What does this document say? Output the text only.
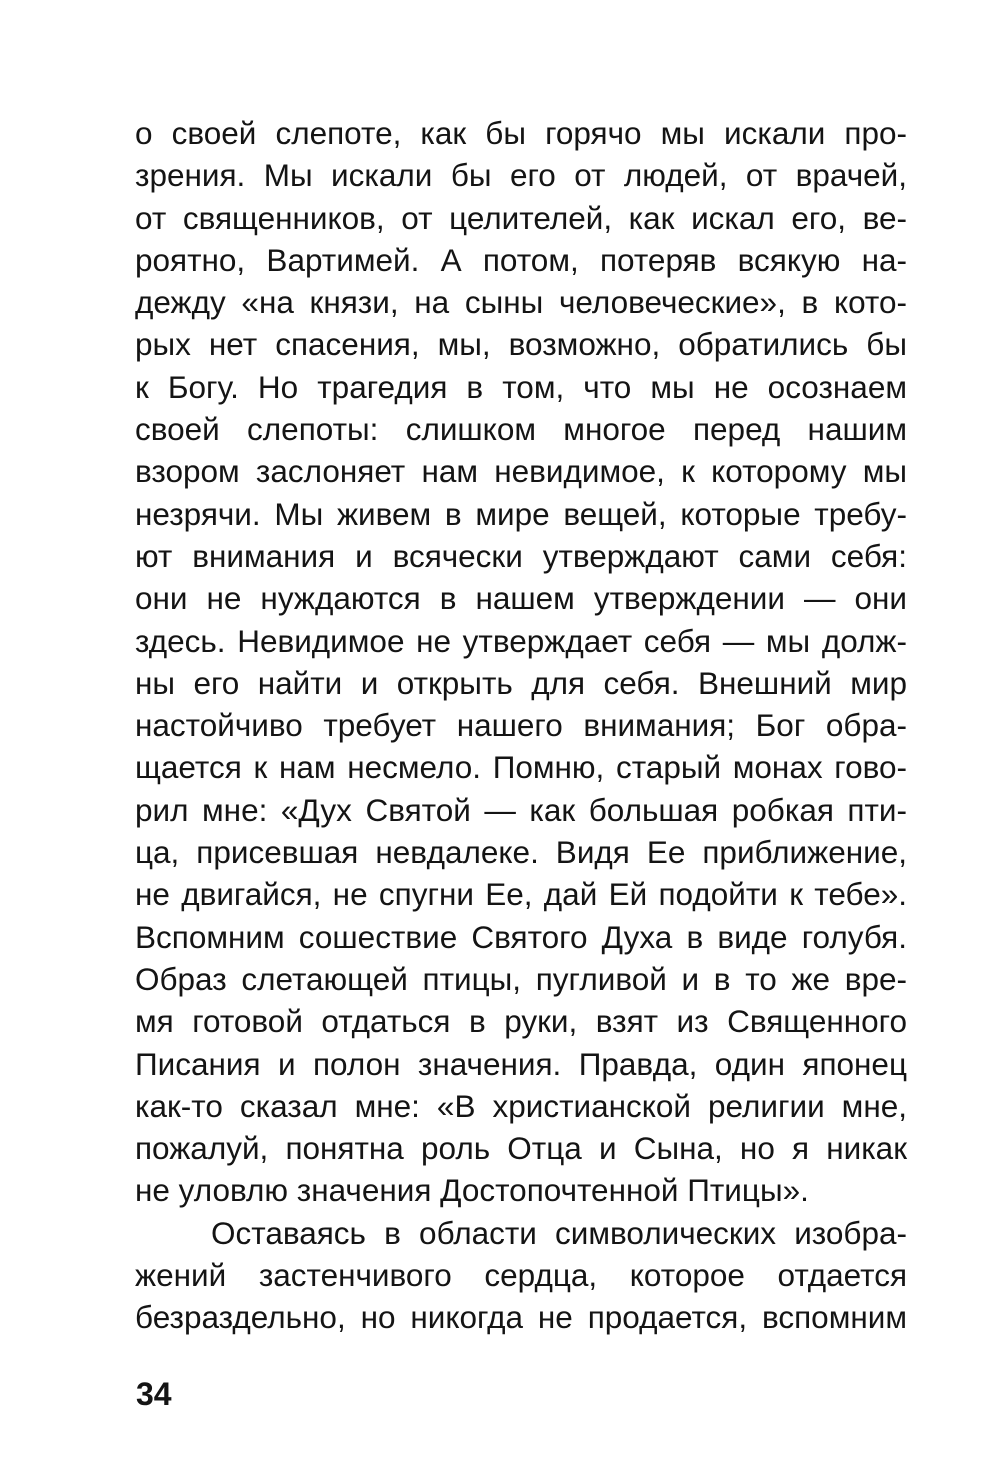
о своей слепоте, как бы горячо мы искали про-
зрения. Мы искали бы его от людей, от врачей,
от священников, от целителей, как искал его, ве-
роятно, Вартимей. А потом, потеряв всякую на-
дежду «на князи, на сыны человеческие», в кото-
рых нет спасения, мы, возможно, обратились бы
к Богу. Но трагедия в том, что мы не осознаем
своей слепоты: слишком многое перед нашим
взором заслоняет нам невидимое, к которому мы
незрячи. Мы живем в мире вещей, которые требу-
ют внимания и всячески утверждают сами себя:
они не нуждаются в нашем утверждении — они
здесь. Невидимое не утверждает себя — мы долж-
ны его найти и открыть для себя. Внешний мир
настойчиво требует нашего внимания; Бог обра-
щается к нам несмело. Помню, старый монах гово-
рил мне: «Дух Святой — как большая робкая пти-
ца, присевшая невдалеке. Видя Ее приближение,
не двигайся, не спугни Ее, дай Ей подойти к тебе».
Вспомним сошествие Святого Духа в виде голубя.
Образ слетающей птицы, пугливой и в то же вре-
мя готовой отдаться в руки, взят из Священного
Писания и полон значения. Правда, один японец
как-то сказал мне: «В христианской религии мне,
пожалуй, понятна роль Отца и Сына, но я никак
не уловлю значения Достопочтенной Птицы».
Оставаясь в области символических изобра-
жений застенчивого сердца, которое отдается
безраздельно, но никогда не продается, вспомним
34
